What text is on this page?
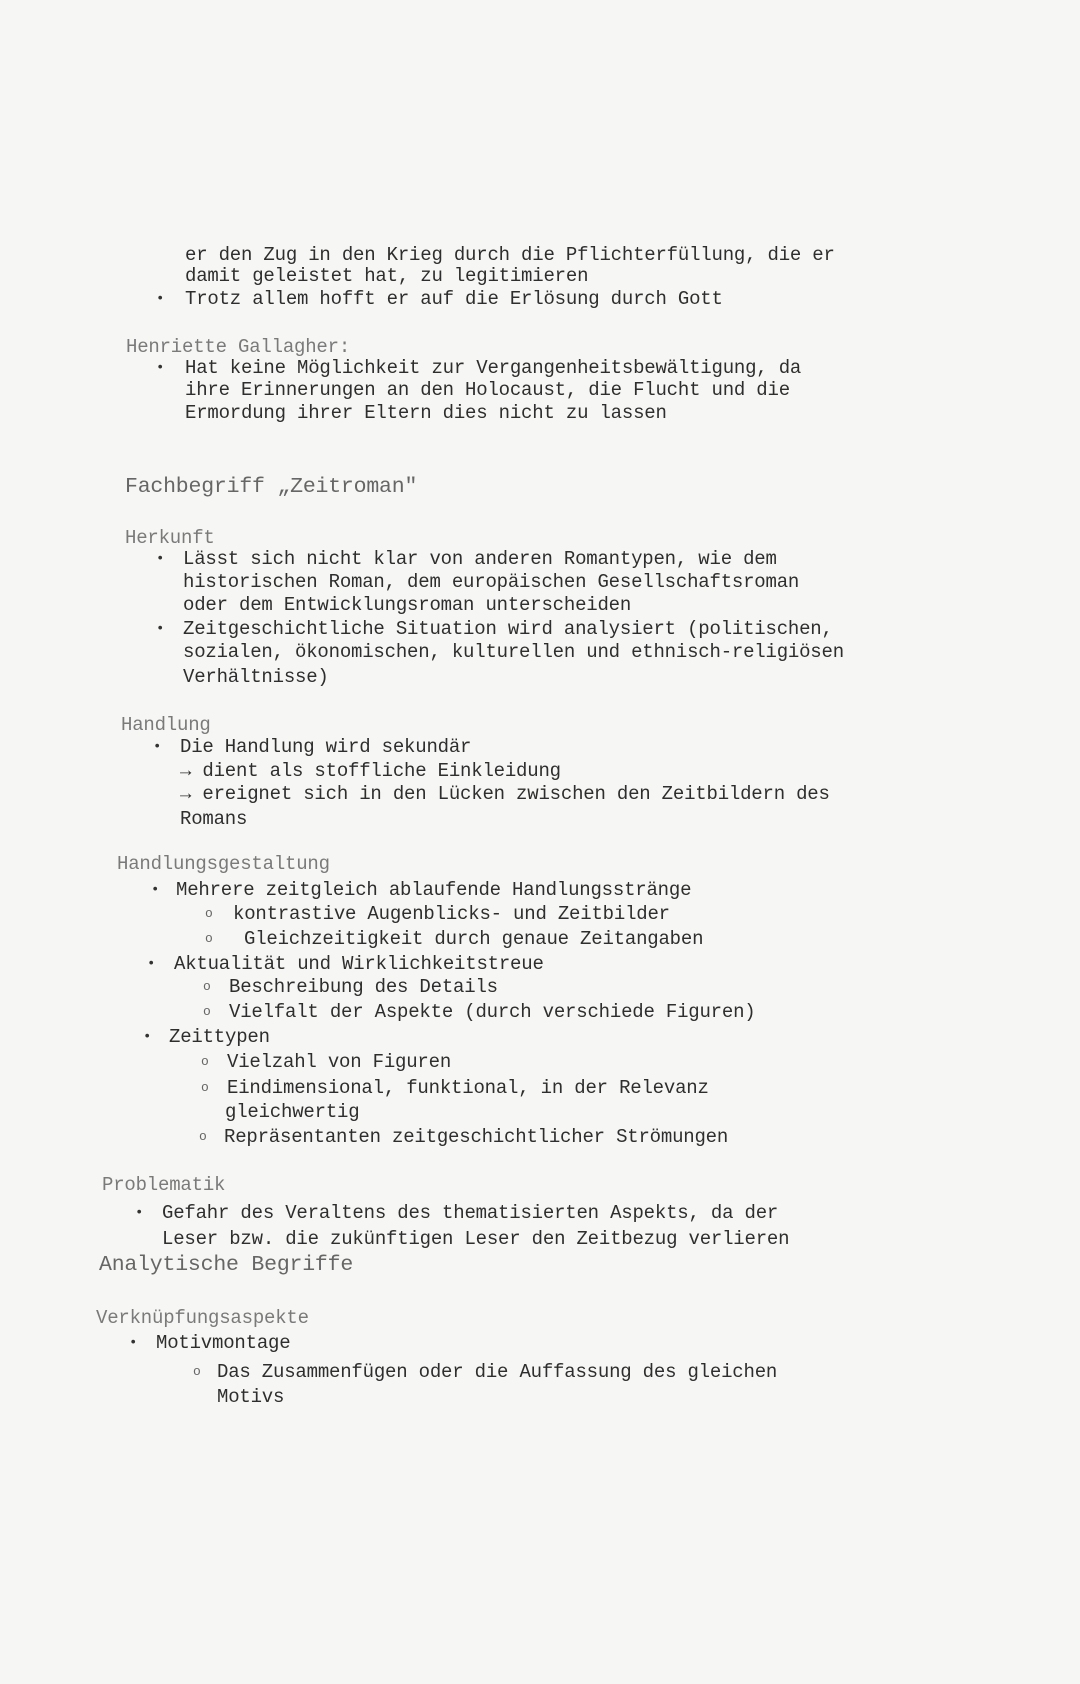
er den Zug in den Krieg durch die Pflichterfüllung, die er
damit geleistet hat, zu legitimieren
• Trotz allem hofft er auf die Erlösung durch Gott
Henriette Gallagher:
• Hat keine Möglichkeit zur Vergangenheitsbewältigung, da
ihre Erinnerungen an den Holocaust, die Flucht und die
Ermordung ihrer Eltern dies nicht zu lassen
Fachbegriff „Zeitroman"
Herkunft
• Lässt sich nicht klar von anderen Romantypen, wie dem
historischen Roman, dem europäischen Gesellschaftsroman
oder dem Entwicklungsroman unterscheiden
• Zeitgeschichtliche Situation wird analysiert (politischen,
sozialen, ökonomischen, kulturellen und ethnisch-religiösen
Verhältnisse)
Handlung
• Die Handlung wird sekundär
→ dient als stoffliche Einkleidung
→ ereignet sich in den Lücken zwischen den Zeitbildern des
Romans
Handlungsgestaltung
• Mehrere zeitgleich ablaufende Handlungsstränge
o kontrastive Augenblicks- und Zeitbilder
o Gleichzeitigkeit durch genaue Zeitangaben
• Aktualität und Wirklichkeitstreue
o Beschreibung des Details
o Vielfalt der Aspekte (durch verschiede Figuren)
• Zeittypen
o Vielzahl von Figuren
o Eindimensional, funktional, in der Relevanz
gleichwertig
o Repräsentanten zeitgeschichtlicher Strömungen
Problematik
• Gefahr des Veraltens des thematisierten Aspekts, da der
Leser bzw. die zukünftigen Leser den Zeitbezug verlieren
Analytische Begriffe
Verknüpfungsaspekte
• Motivmontage
o Das Zusammenfügen oder die Auffassung des gleichen
Motivs
